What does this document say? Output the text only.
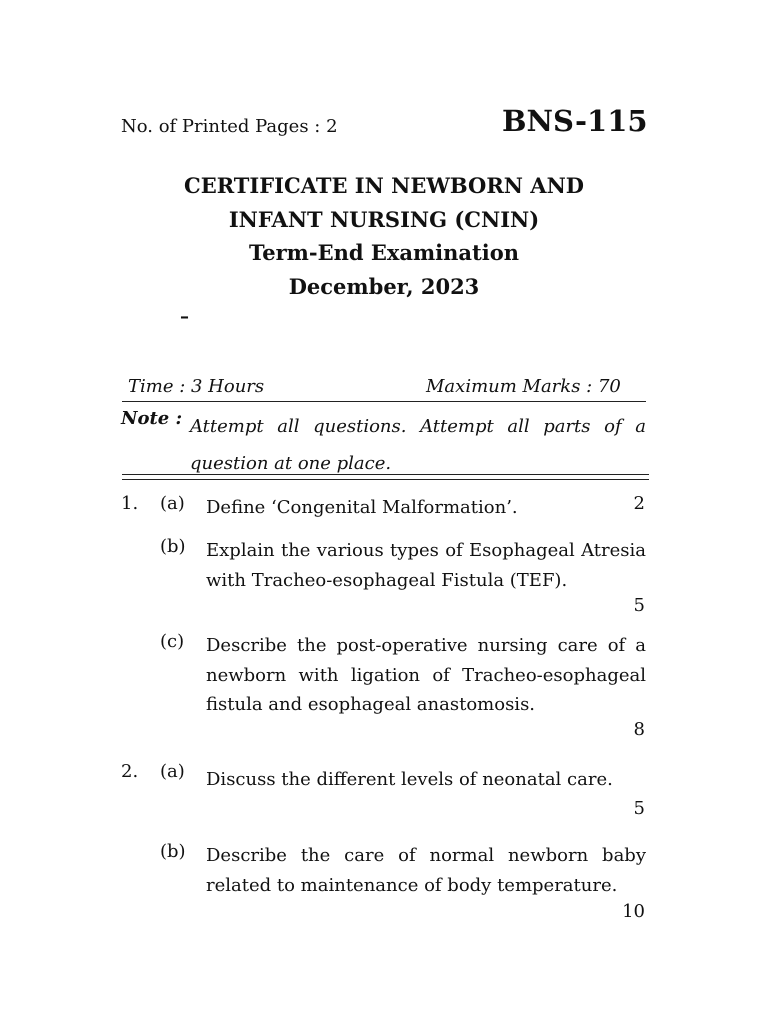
No. of Printed Pages : 2	BNS-115
CERTIFICATE IN NEWBORN AND
INFANT NURSING (CNIN)
Term-End Examination
December, 2023
–
Time : 3 Hours	Maximum Marks : 70
Note : Attempt all questions. Attempt all parts of a question at one place.
1. (a) Define ‘Congenital Malformation’.	2
(b) Explain the various types of Esophageal Atresia with Tracheo-esophageal Fistula (TEF).
5
(c) Describe the post-operative nursing care of a newborn with ligation of Tracheo-esophageal fistula and esophageal anastomosis.
8
2. (a) Discuss the different levels of neonatal care.
5
(b) Describe the care of normal newborn baby related to maintenance of body temperature.
10
